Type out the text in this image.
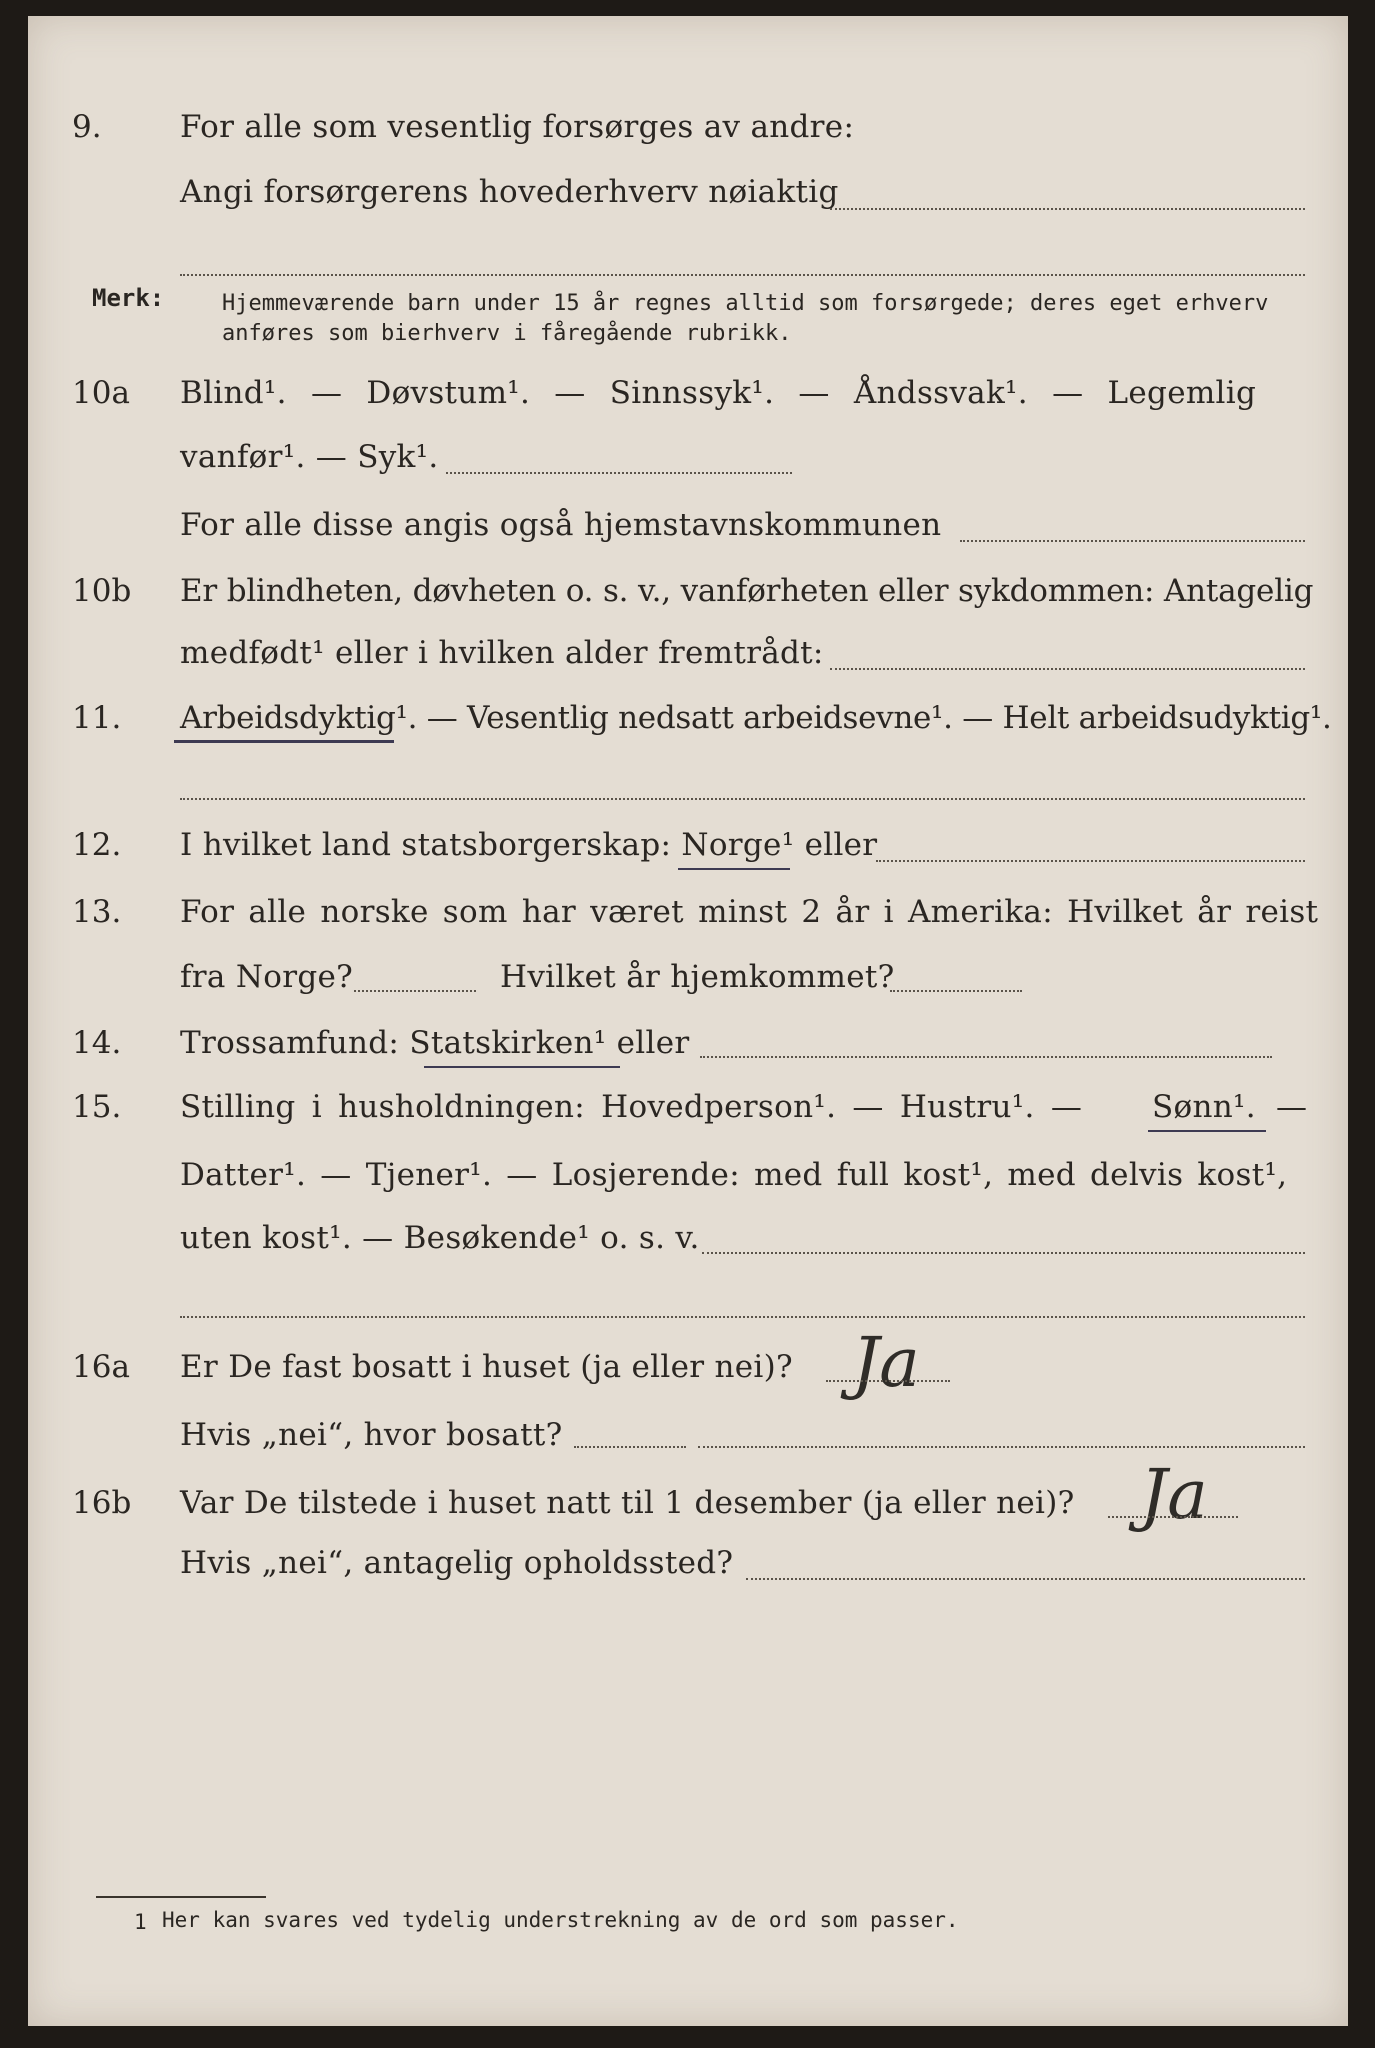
9.	For alle som vesentlig forsørges av andre:
Angi forsørgerens hovederhverv nøiaktig
Merk:	Hjemmeværende barn under 15 år regnes alltid som forsørgede; deres eget erhverv
anføres som bierhverv i fåregående rubrikk.
10a Blind¹. — Døvstum¹. — Sinnssyk¹. — Åndssvak¹. — Legemlig
vanfør¹. — Syk¹.
For alle disse angis også hjemstavnskommunen
10b Er blindheten, døvheten o. s. v., vanførheten eller sykdommen: Antagelig
medfødt¹ eller i hvilken alder fremtrådt:
11. Arbeidsdyktig¹. — Vesentlig nedsatt arbeidsevne¹. — Helt arbeidsudyktig¹.
12. I hvilket land statsborgerskap: Norge¹ eller
13. For alle norske som har været minst 2 år i Amerika: Hvilket år reist
fra Norge?	Hvilket år hjemkommet?
14. Trossamfund: Statskirken¹ eller
15. Stilling i husholdningen: Hovedperson¹. — Hustru¹. — Sønn¹. —
Datter¹. — Tjener¹. — Losjerende: med full kost¹, med delvis kost¹,
uten kost¹. — Besøkende¹ o. s. v.
16a Er De fast bosatt i huset (ja eller nei)? Ja
Hvis „nei“, hvor bosatt?
16b Var De tilstede i huset natt til 1 desember (ja eller nei)? Ja
Hvis „nei“, antagelig opholdssted?
1 Her kan svares ved tydelig understrekning av de ord som passer.
